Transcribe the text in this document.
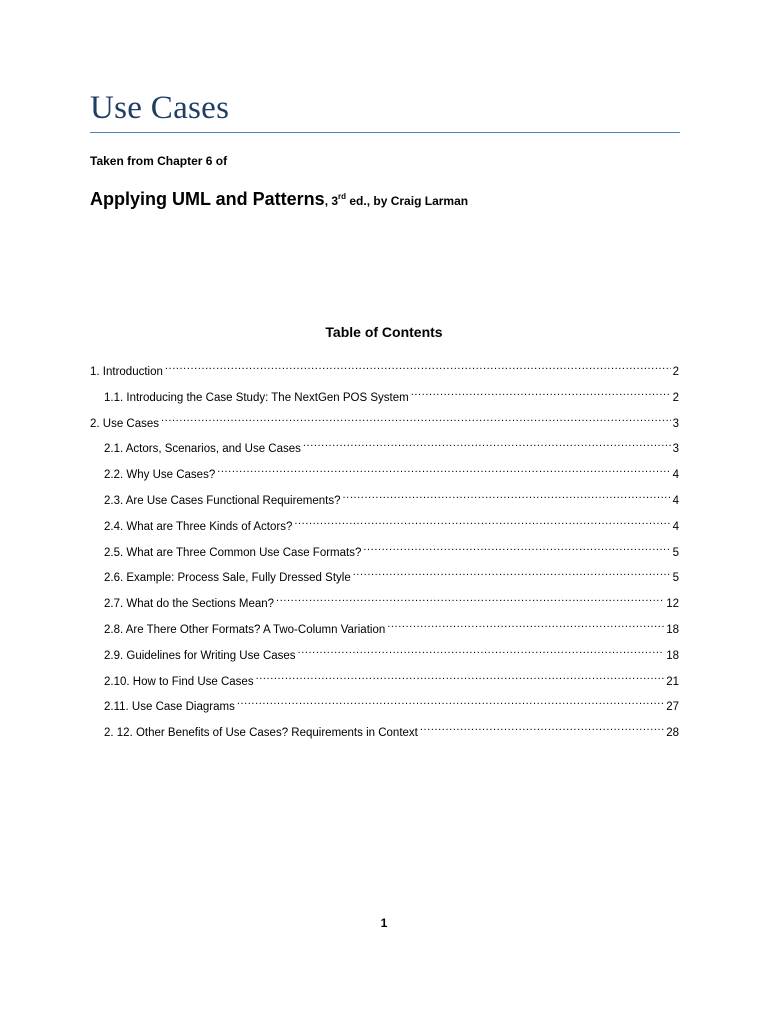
Use Cases
Taken from Chapter 6 of
Applying UML and Patterns, 3rd ed., by Craig Larman
Table of Contents
1. Introduction .....	2
1.1. Introducing the Case Study: The NextGen POS System .....	2
2. Use Cases .....	3
2.1. Actors, Scenarios, and Use Cases .....	3
2.2. Why Use Cases? .....	4
2.3. Are Use Cases Functional Requirements? .....	4
2.4. What are Three Kinds of Actors? .....	4
2.5. What are Three Common Use Case Formats? .....	5
2.6. Example: Process Sale, Fully Dressed Style .....	5
2.7. What do the Sections Mean? .....	12
2.8. Are There Other Formats? A Two-Column Variation .....	18
2.9. Guidelines for Writing Use Cases .....	18
2.10. How to Find Use Cases .....	21
2.11. Use Case Diagrams .....	27
2. 12. Other Benefits of Use Cases? Requirements in Context .....	28
1
